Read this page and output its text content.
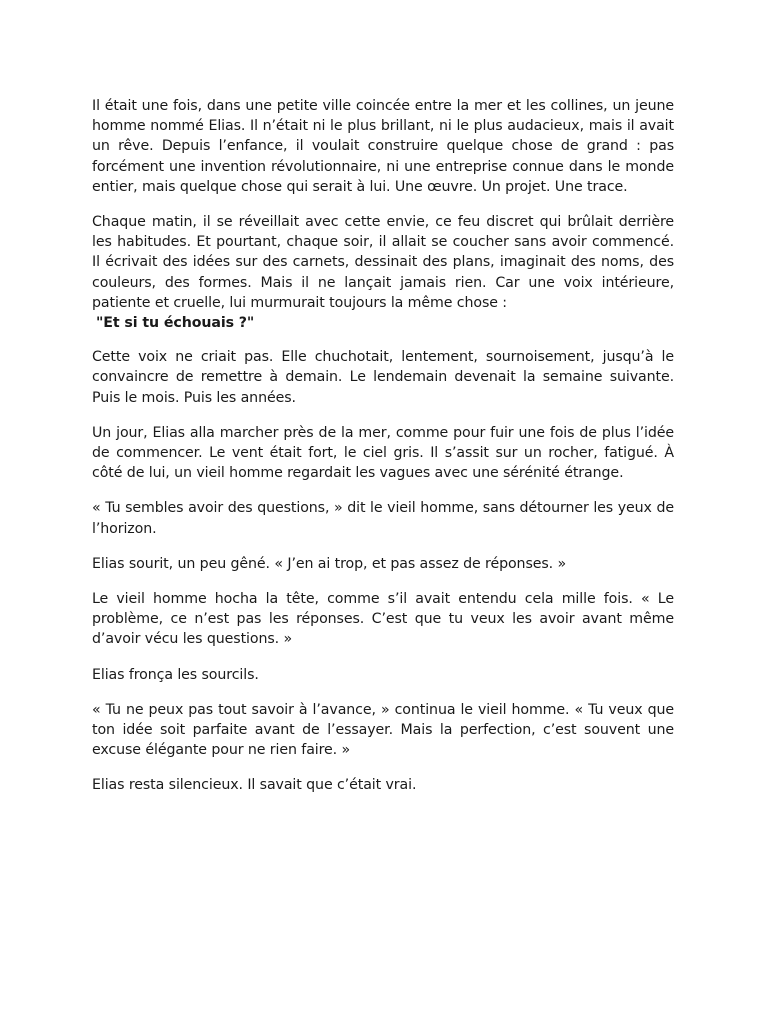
Il était une fois, dans une petite ville coincée entre la mer et les collines, un jeune homme nommé Elias. Il n’était ni le plus brillant, ni le plus audacieux, mais il avait un rêve. Depuis l’enfance, il voulait construire quelque chose de grand : pas forcément une invention révolutionnaire, ni une entreprise connue dans le monde entier, mais quelque chose qui serait à lui. Une œuvre. Un projet. Une trace.

Chaque matin, il se réveillait avec cette envie, ce feu discret qui brûlait derrière les habitudes. Et pourtant, chaque soir, il allait se coucher sans avoir commencé. Il écrivait des idées sur des carnets, dessinait des plans, imaginait des noms, des couleurs, des formes. Mais il ne lançait jamais rien. Car une voix intérieure, patiente et cruelle, lui murmurait toujours la même chose :

"Et si tu échouais ?"

Cette voix ne criait pas. Elle chuchotait, lentement, sournoisement, jusqu’à le convaincre de remettre à demain. Le lendemain devenait la semaine suivante. Puis le mois. Puis les années.

Un jour, Elias alla marcher près de la mer, comme pour fuir une fois de plus l’idée de commencer. Le vent était fort, le ciel gris. Il s’assit sur un rocher, fatigué. À côté de lui, un vieil homme regardait les vagues avec une sérénité étrange.

« Tu sembles avoir des questions, » dit le vieil homme, sans détourner les yeux de l’horizon.

Elias sourit, un peu gêné. « J’en ai trop, et pas assez de réponses. »

Le vieil homme hocha la tête, comme s’il avait entendu cela mille fois. « Le problème, ce n’est pas les réponses. C’est que tu veux les avoir avant même d’avoir vécu les questions. »

Elias fronça les sourcils.

« Tu ne peux pas tout savoir à l’avance, » continua le vieil homme. « Tu veux que ton idée soit parfaite avant de l’essayer. Mais la perfection, c’est souvent une excuse élégante pour ne rien faire. »

Elias resta silencieux. Il savait que c’était vrai.
